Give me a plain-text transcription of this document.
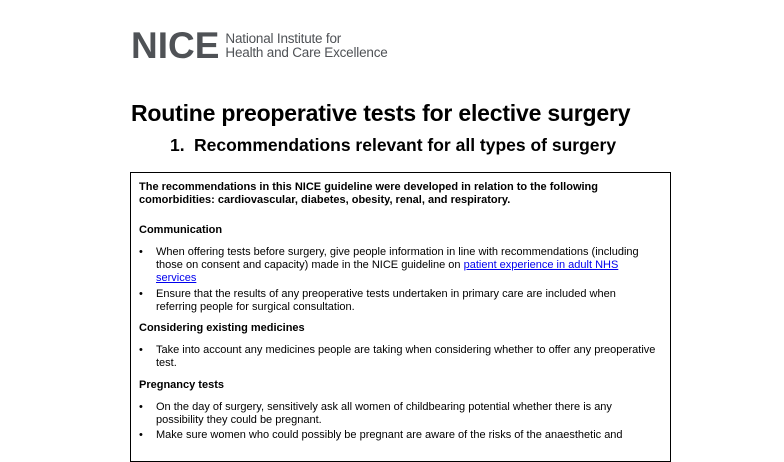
NICE National Institute for
Health and Care Excellence
Routine preoperative tests for elective surgery
1. Recommendations relevant for all types of surgery

The recommendations in this NICE guideline were developed in relation to the following comorbidities: cardiovascular, diabetes, obesity, renal, and respiratory.

Communication

•	When offering tests before surgery, give people information in line with recommendations (including those on consent and capacity) made in the NICE guideline on patient experience in adult NHS services
•	Ensure that the results of any preoperative tests undertaken in primary care are included when referring people for surgical consultation.

Considering existing medicines

•	Take into account any medicines people are taking when considering whether to offer any preoperative test.

Pregnancy tests

•	On the day of surgery, sensitively ask all women of childbearing potential whether there is any possibility they could be pregnant.
•	Make sure women who could possibly be pregnant are aware of the risks of the anaesthetic and
